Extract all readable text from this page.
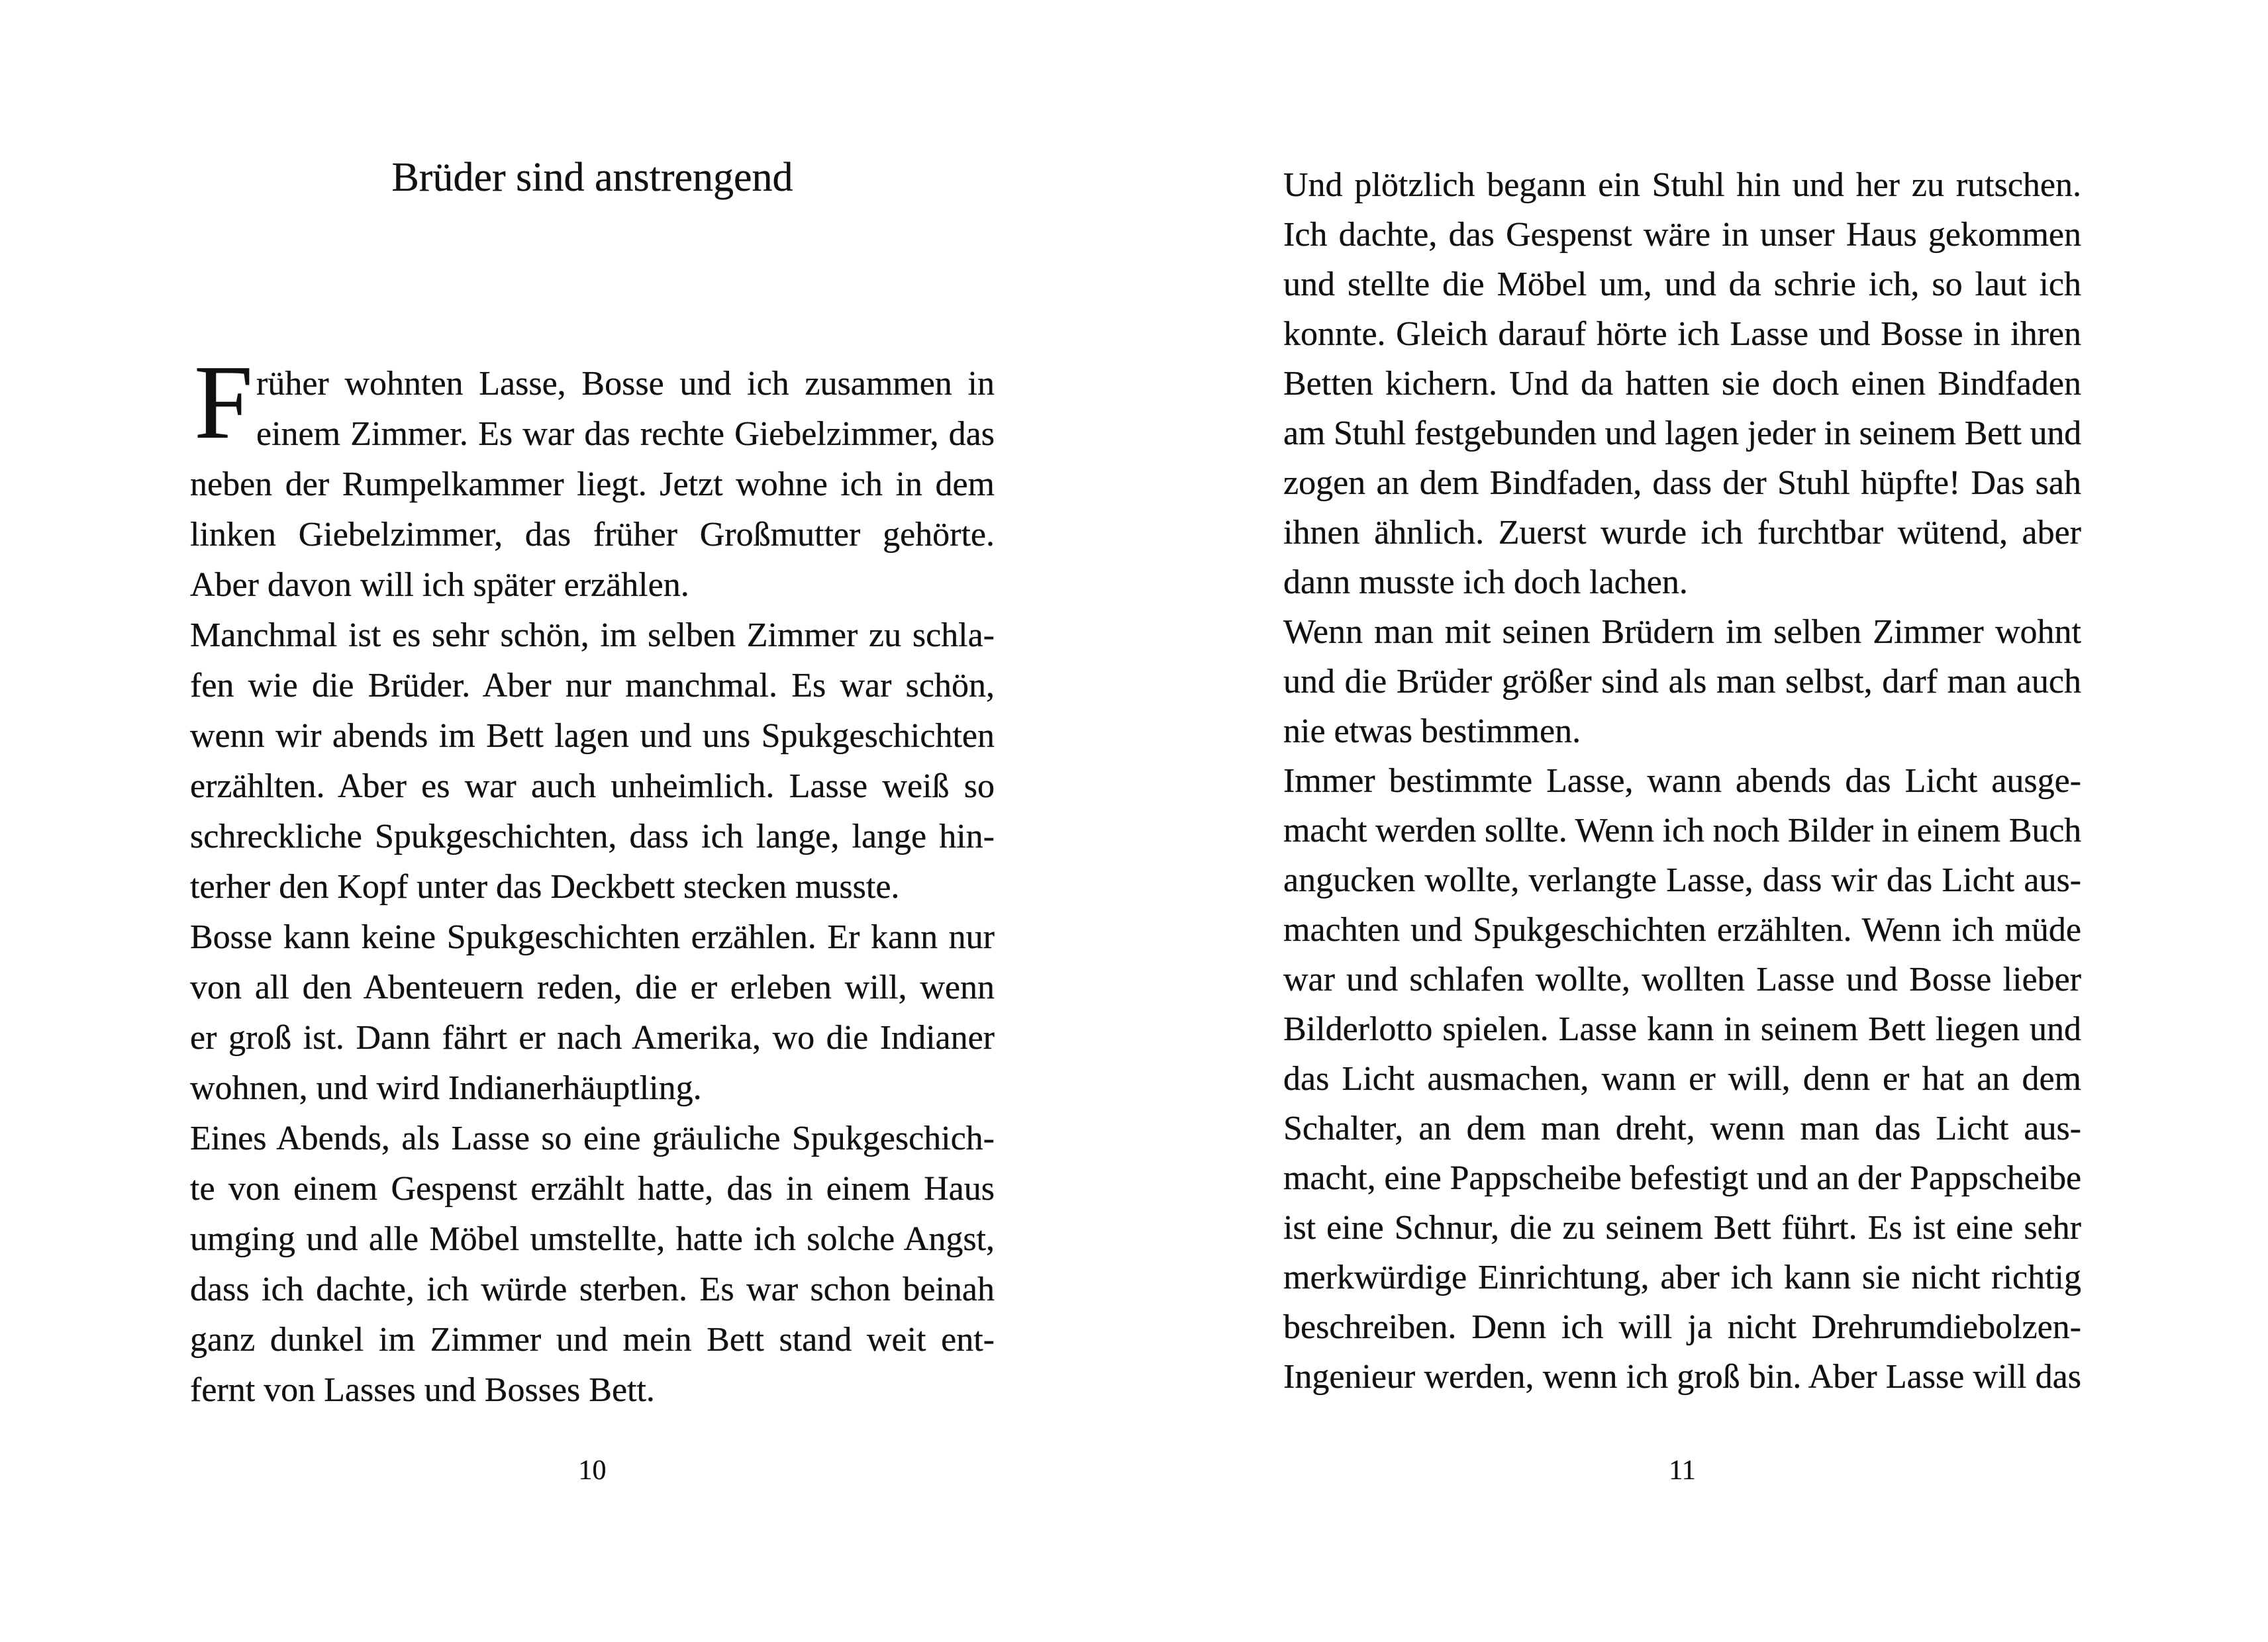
Brüder sind anstrengend
F rüher wohnten Lasse, Bosse und ich zusammen in
einem Zimmer. Es war das rechte Giebelzimmer, das
neben der Rumpelkammer liegt. Jetzt wohne ich in dem
linken Giebelzimmer, das früher Großmutter gehörte.
Aber davon will ich später erzählen.
Manchmal ist es sehr schön, im selben Zimmer zu schla-
fen wie die Brüder. Aber nur manchmal. Es war schön,
wenn wir abends im Bett lagen und uns Spukgeschichten
erzählten. Aber es war auch unheimlich. Lasse weiß so
schreckliche Spukgeschichten, dass ich lange, lange hin-
terher den Kopf unter das Deckbett stecken musste.
Bosse kann keine Spukgeschichten erzählen. Er kann nur
von all den Abenteuern reden, die er erleben will, wenn
er groß ist. Dann fährt er nach Amerika, wo die Indianer
wohnen, und wird Indianerhäuptling.
Eines Abends, als Lasse so eine gräuliche Spukgeschich-
te von einem Gespenst erzählt hatte, das in einem Haus
umging und alle Möbel umstellte, hatte ich solche Angst,
dass ich dachte, ich würde sterben. Es war schon beinah
ganz dunkel im Zimmer und mein Bett stand weit ent-
fernt von Lasses und Bosses Bett.
10
Und plötzlich begann ein Stuhl hin und her zu rutschen.
Ich dachte, das Gespenst wäre in unser Haus gekommen
und stellte die Möbel um, und da schrie ich, so laut ich
konnte. Gleich darauf hörte ich Lasse und Bosse in ihren
Betten kichern. Und da hatten sie doch einen Bindfaden
am Stuhl festgebunden und lagen jeder in seinem Bett und
zogen an dem Bindfaden, dass der Stuhl hüpfte! Das sah
ihnen ähnlich. Zuerst wurde ich furchtbar wütend, aber
dann musste ich doch lachen.
Wenn man mit seinen Brüdern im selben Zimmer wohnt
und die Brüder größer sind als man selbst, darf man auch
nie etwas bestimmen.
Immer bestimmte Lasse, wann abends das Licht ausge-
macht werden sollte. Wenn ich noch Bilder in einem Buch
angucken wollte, verlangte Lasse, dass wir das Licht aus-
machten und Spukgeschichten erzählten. Wenn ich müde
war und schlafen wollte, wollten Lasse und Bosse lieber
Bilderlotto spielen. Lasse kann in seinem Bett liegen und
das Licht ausmachen, wann er will, denn er hat an dem
Schalter, an dem man dreht, wenn man das Licht aus-
macht, eine Pappscheibe befestigt und an der Pappscheibe
ist eine Schnur, die zu seinem Bett führt. Es ist eine sehr
merkwürdige Einrichtung, aber ich kann sie nicht richtig
beschreiben. Denn ich will ja nicht Drehrumdiebolzen-
Ingenieur werden, wenn ich groß bin. Aber Lasse will das
11
